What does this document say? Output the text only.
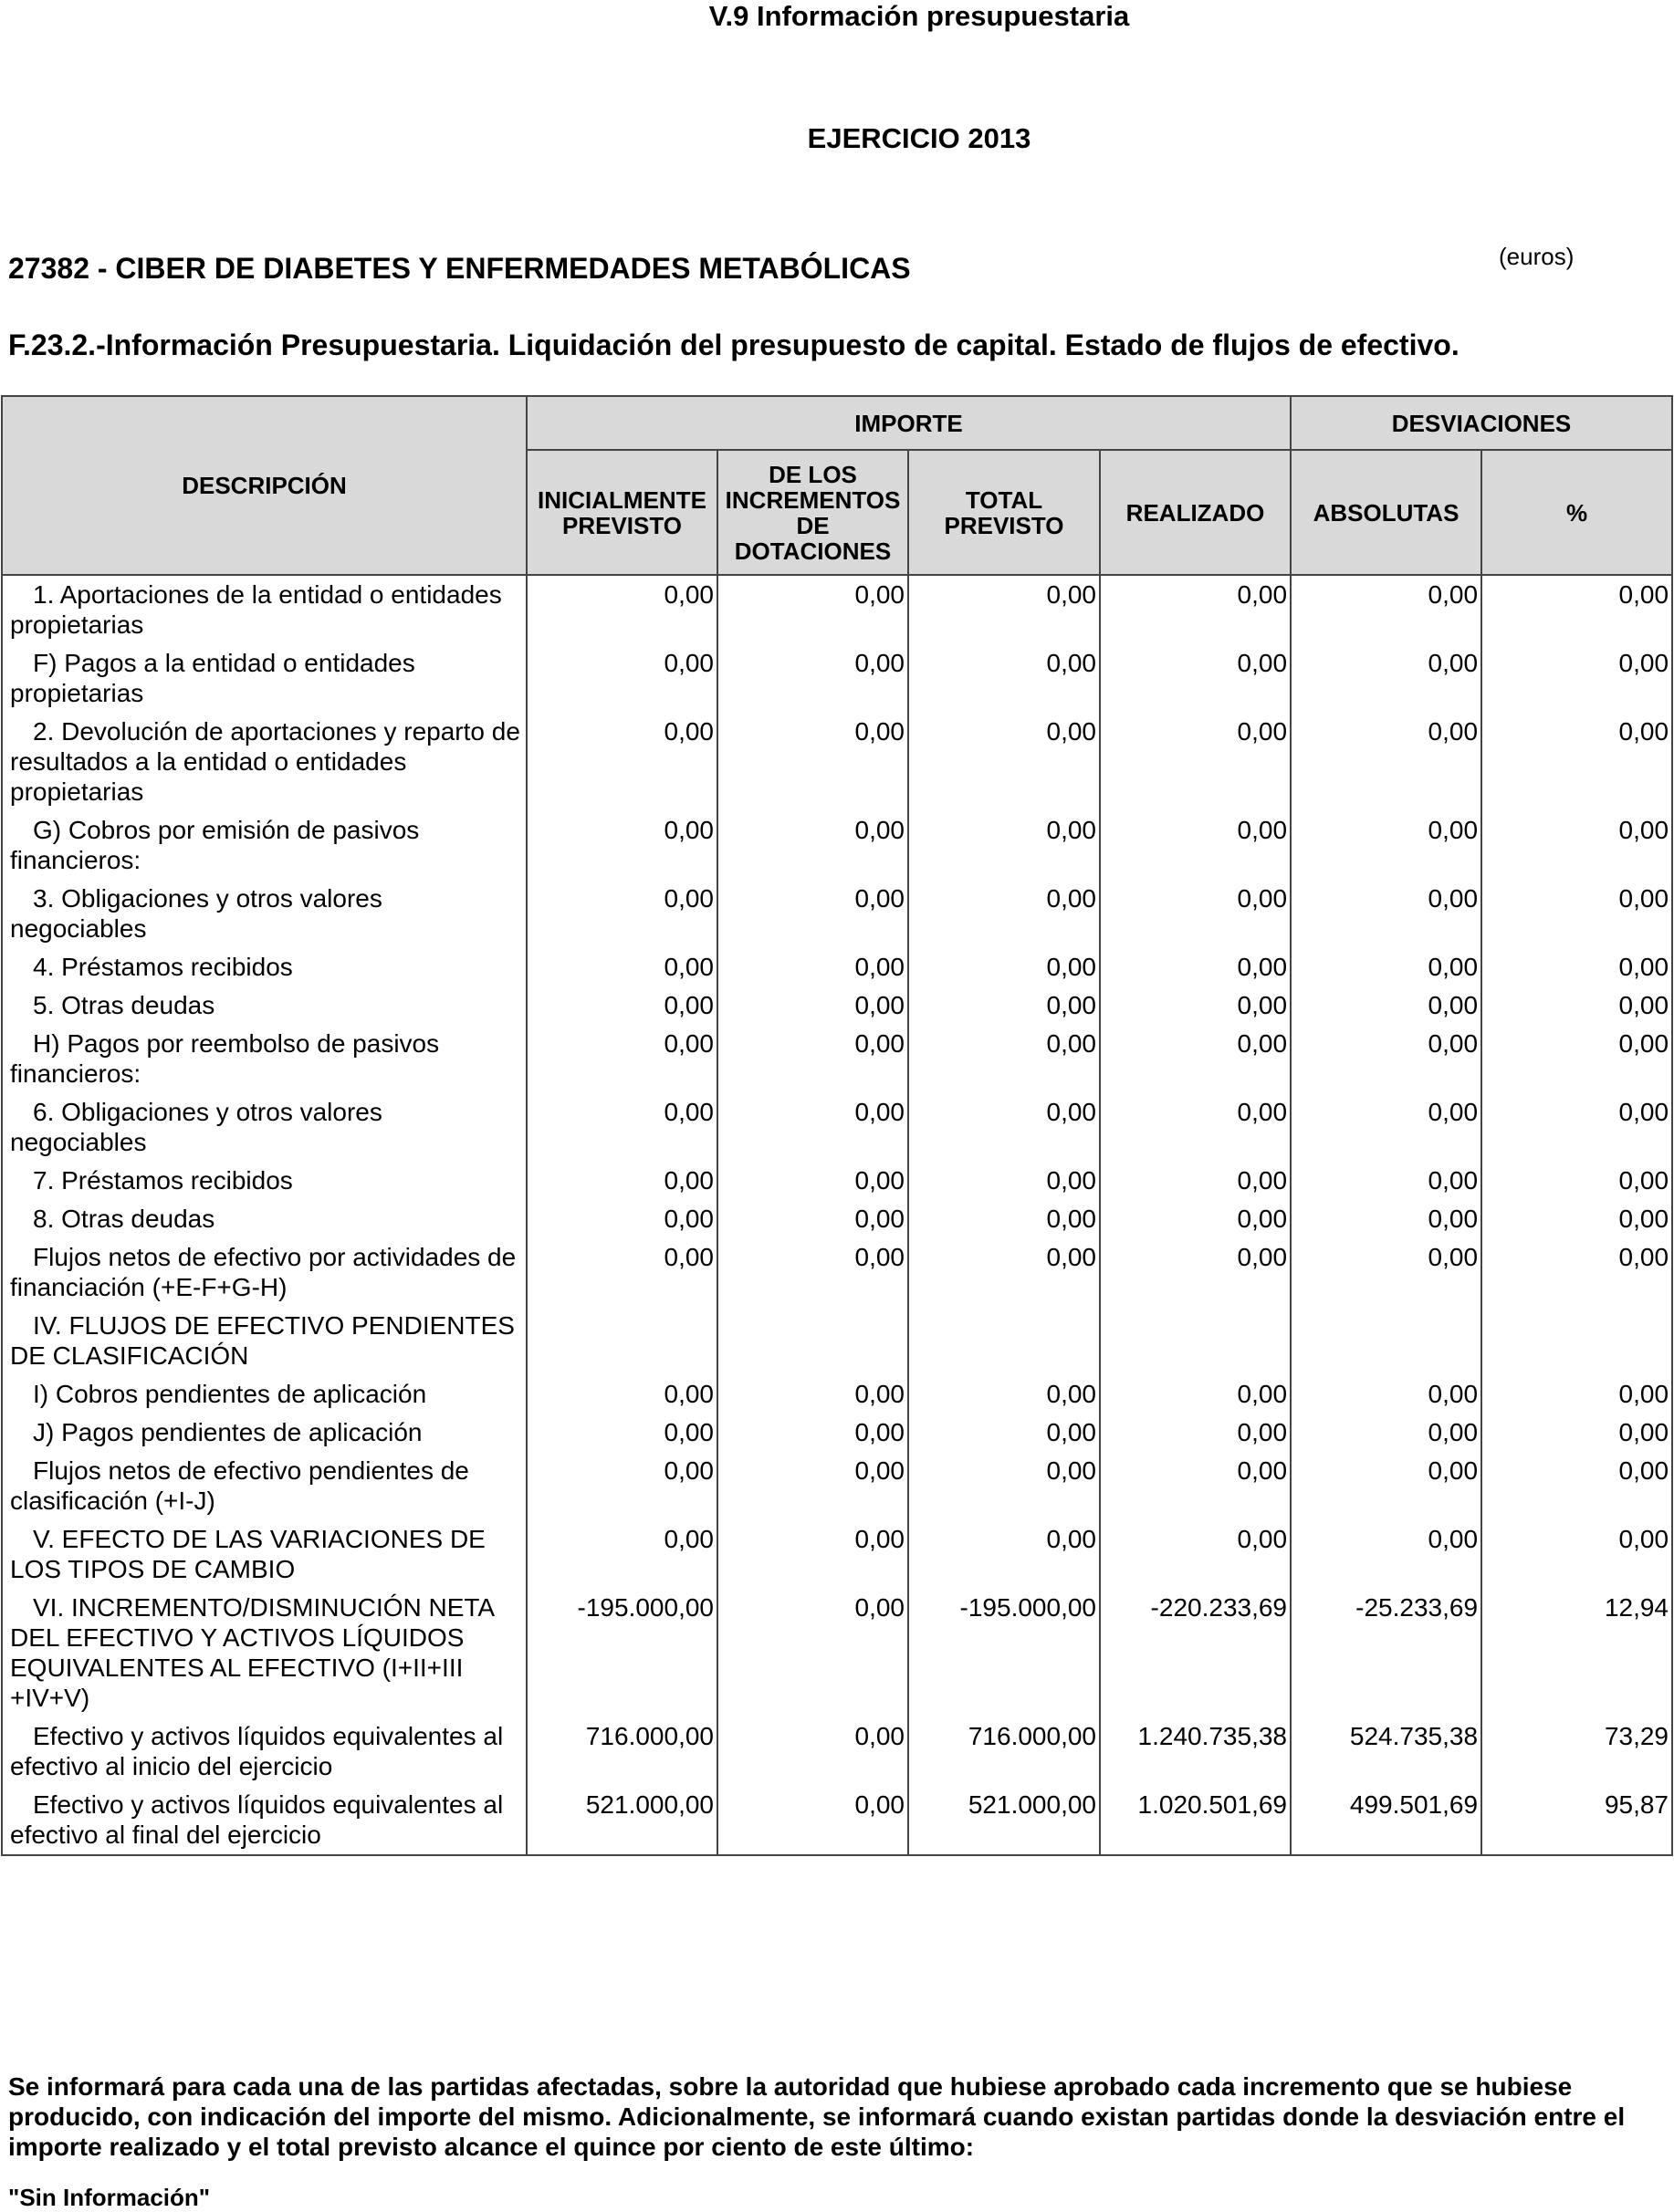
V.9 Información presupuestaria
EJERCICIO 2013
27382 - CIBER DE DIABETES Y ENFERMEDADES METABÓLICAS	(euros)
F.23.2.-Información Presupuestaria. Liquidación del presupuesto de capital. Estado de flujos de efectivo.
DESCRIPCIÓN	IMPORTE				DESVIACIONES	
	INICIALMENTE PREVISTO	DE LOS INCREMENTOS DE DOTACIONES	TOTAL PREVISTO	REALIZADO	ABSOLUTAS	%
1. Aportaciones de la entidad o entidades propietarias	0,00	0,00	0,00	0,00	0,00	0,00
F) Pagos a la entidad o entidades propietarias	0,00	0,00	0,00	0,00	0,00	0,00
2. Devolución de aportaciones y reparto de resultados a la entidad o entidades propietarias	0,00	0,00	0,00	0,00	0,00	0,00
G) Cobros por emisión de pasivos financieros:	0,00	0,00	0,00	0,00	0,00	0,00
3. Obligaciones y otros valores negociables	0,00	0,00	0,00	0,00	0,00	0,00
4. Préstamos recibidos	0,00	0,00	0,00	0,00	0,00	0,00
5. Otras deudas	0,00	0,00	0,00	0,00	0,00	0,00
H) Pagos por reembolso de pasivos financieros:	0,00	0,00	0,00	0,00	0,00	0,00
6. Obligaciones y otros valores negociables	0,00	0,00	0,00	0,00	0,00	0,00
7. Préstamos recibidos	0,00	0,00	0,00	0,00	0,00	0,00
8. Otras deudas	0,00	0,00	0,00	0,00	0,00	0,00
Flujos netos de efectivo por actividades de financiación (+E-F+G-H)	0,00	0,00	0,00	0,00	0,00	0,00
IV. FLUJOS DE EFECTIVO PENDIENTES DE CLASIFICACIÓN						
I) Cobros pendientes de aplicación	0,00	0,00	0,00	0,00	0,00	0,00
J) Pagos pendientes de aplicación	0,00	0,00	0,00	0,00	0,00	0,00
Flujos netos de efectivo pendientes de clasificación (+I-J)	0,00	0,00	0,00	0,00	0,00	0,00
V. EFECTO DE LAS VARIACIONES DE LOS TIPOS DE CAMBIO	0,00	0,00	0,00	0,00	0,00	0,00
VI. INCREMENTO/DISMINUCIÓN NETA DEL EFECTIVO Y ACTIVOS LÍQUIDOS EQUIVALENTES AL EFECTIVO (I+II+III +IV+V)	-195.000,00	0,00	-195.000,00	-220.233,69	-25.233,69	12,94
Efectivo y activos líquidos equivalentes al efectivo al inicio del ejercicio	716.000,00	0,00	716.000,00	1.240.735,38	524.735,38	73,29
Efectivo y activos líquidos equivalentes al efectivo al final del ejercicio	521.000,00	0,00	521.000,00	1.020.501,69	499.501,69	95,87
Se informará para cada una de las partidas afectadas, sobre la autoridad que hubiese aprobado cada incremento que se hubiese producido, con indicación del importe del mismo. Adicionalmente, se informará cuando existan partidas donde la desviación entre el importe realizado y el total previsto alcance el quince por ciento de este último:
"Sin Información"
